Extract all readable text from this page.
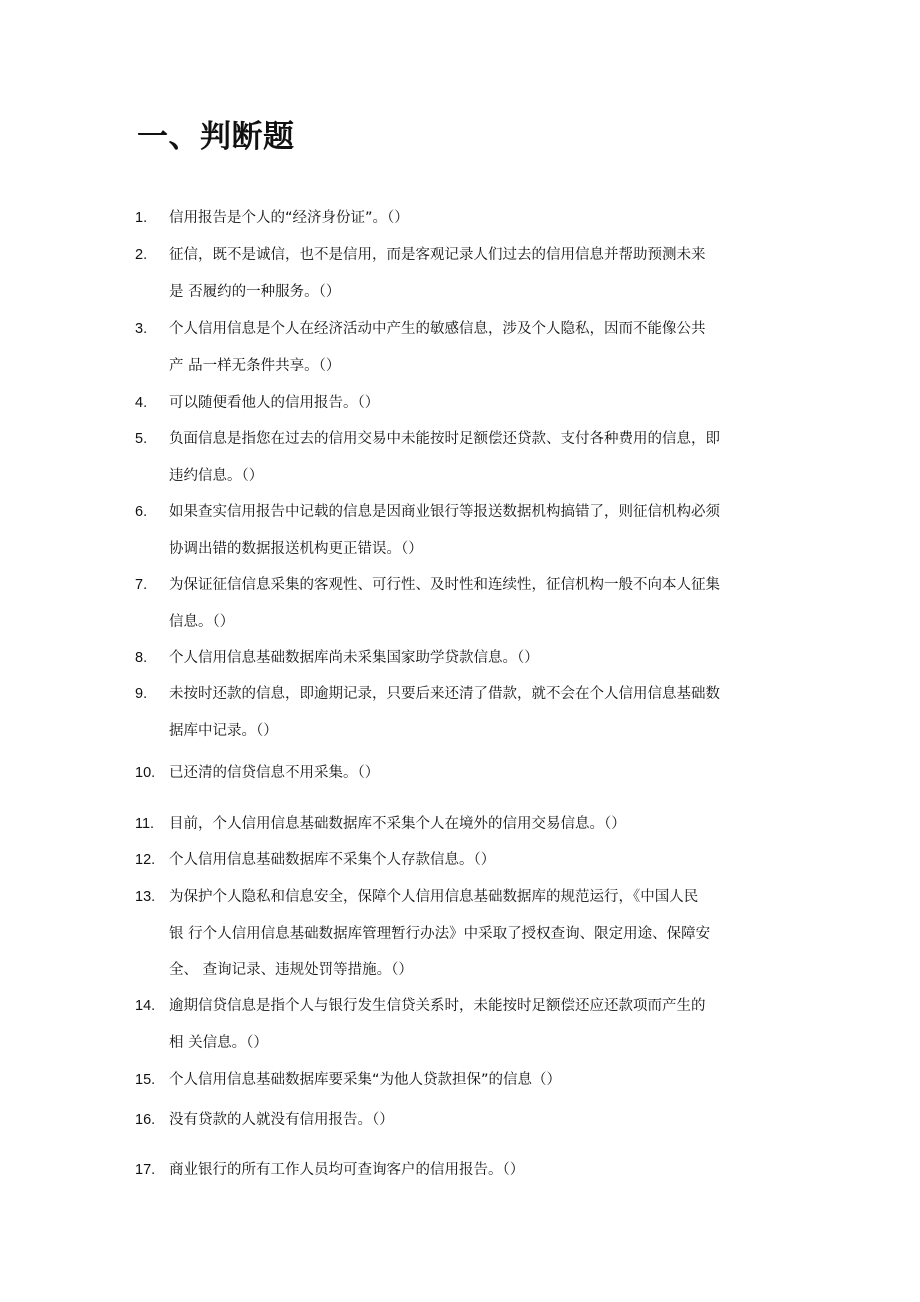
一、判断题
1. 信用报告是个人的“经济身份证”。（）
2. 征信，既不是诚信，也不是信用，而是客观记录人们过去的信用信息并帮助预测未来
是 否履约的一种服务。（）
3. 个人信用信息是个人在经济活动中产生的敏感信息，涉及个人隐私，因而不能像公共
产 品一样无条件共享。（）
4. 可以随便看他人的信用报告。（）
5. 负面信息是指您在过去的信用交易中未能按时足额偿还贷款、支付各种费用的信息，即
违约信息。（）
6. 如果查实信用报告中记载的信息是因商业银行等报送数据机构搞错了，则征信机构必须
协调出错的数据报送机构更正错误。（）
7. 为保证征信信息采集的客观性、可行性、及时性和连续性，征信机构一般不向本人征集
信息。（）
8. 个人信用信息基础数据库尚未采集国家助学贷款信息。（）
9. 未按时还款的信息，即逾期记录，只要后来还清了借款，就不会在个人信用信息基础数
据库中记录。（）
10. 已还清的信贷信息不用采集。（）
11. 目前，个人信用信息基础数据库不采集个人在境外的信用交易信息。（）
12. 个人信用信息基础数据库不采集个人存款信息。（）
13. 为保护个人隐私和信息安全，保障个人信用信息基础数据库的规范运行，《中国人民
银 行个人信用信息基础数据库管理暂行办法》中采取了授权查询、限定用途、保障安
全、 查询记录、违规处罚等措施。（）
14. 逾期信贷信息是指个人与银行发生信贷关系时，未能按时足额偿还应还款项而产生的
相 关信息。（）
15. 个人信用信息基础数据库要采集“为他人贷款担保”的信息（）
16. 没有贷款的人就没有信用报告。（）
17. 商业银行的所有工作人员均可查询客户的信用报告。（）
